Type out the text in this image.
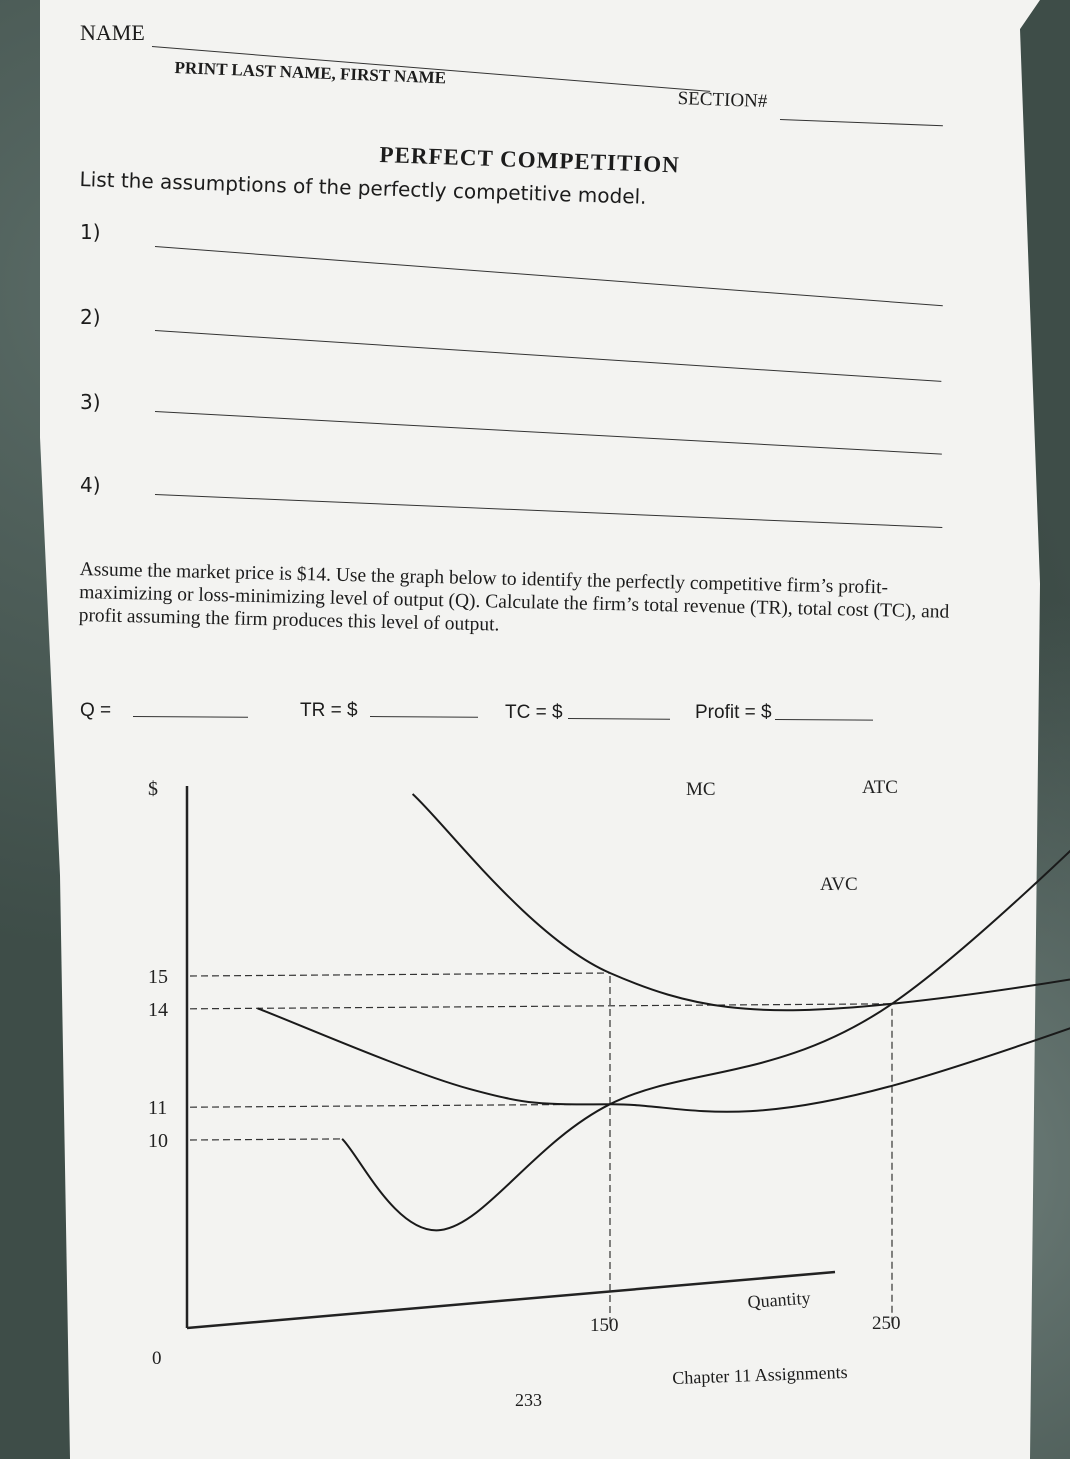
NAME
PRINT LAST NAME, FIRST NAME
SECTION#
PERFECT COMPETITION
List the assumptions of the perfectly competitive model.
1)
2)
3)
4)
Assume the market price is $14. Use the graph below to identify the perfectly competitive firm’s profit-maximizing or loss-minimizing level of output (Q). Calculate the firm’s total revenue (TR), total cost (TC), and profit assuming the firm produces this level of output.
Q =	TR = $	TC = $	Profit = $
$
Quantity
0
15
14
11
10
150	250
MC	ATC
AVC
233
Chapter 11 Assignments
